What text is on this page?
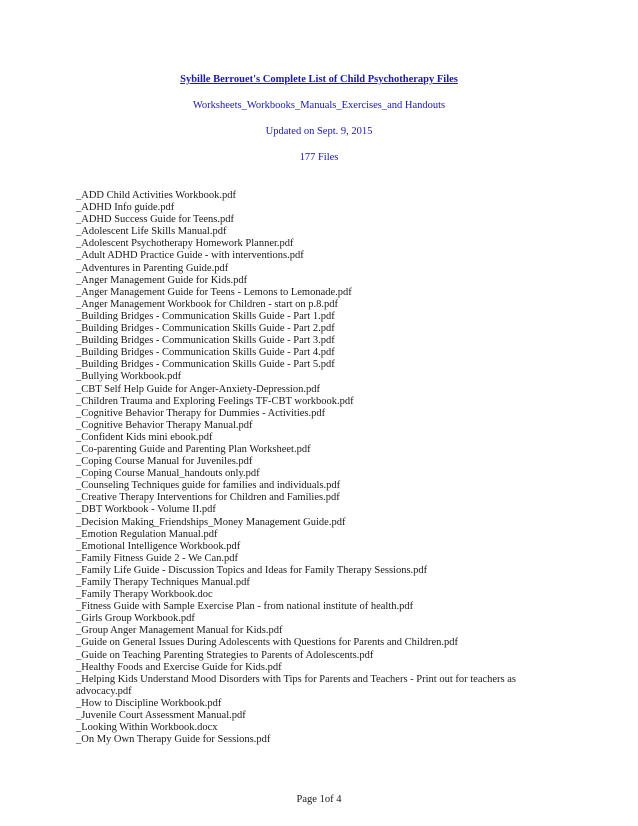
Sybille Berrouet's Complete List of Child Psychotherapy Files
Worksheets_Workbooks_Manuals_Exercises_and Handouts
Updated on Sept. 9, 2015
177 Files
_ADD Child Activities Workbook.pdf
_ADHD Info guide.pdf
_ADHD Success Guide for Teens.pdf
_Adolescent Life Skills Manual.pdf
_Adolescent Psychotherapy Homework Planner.pdf
_Adult ADHD Practice Guide - with interventions.pdf
_Adventures in Parenting Guide.pdf
_Anger Management Guide for Kids.pdf
_Anger Management Guide for Teens - Lemons to Lemonade.pdf
_Anger Management Workbook for Children - start on p.8.pdf
_Building Bridges - Communication Skills Guide - Part 1.pdf
_Building Bridges - Communication Skills Guide - Part 2.pdf
_Building Bridges - Communication Skills Guide - Part 3.pdf
_Building Bridges - Communication Skills Guide - Part 4.pdf
_Building Bridges - Communication Skills Guide - Part 5.pdf
_Bullying Workbook.pdf
_CBT Self Help Guide for Anger-Anxiety-Depression.pdf
_Children Trauma and Exploring Feelings TF-CBT workbook.pdf
_Cognitive Behavior Therapy for Dummies - Activities.pdf
_Cognitive Behavior Therapy Manual.pdf
_Confident Kids mini ebook.pdf
_Co-parenting Guide and Parenting Plan Worksheet.pdf
_Coping Course Manual for Juveniles.pdf
_Coping Course Manual_handouts only.pdf
_Counseling Techniques guide for families and individuals.pdf
_Creative Therapy Interventions for Children and Families.pdf
_DBT Workbook - Volume II.pdf
_Decision Making_Friendships_Money Management Guide.pdf
_Emotion Regulation Manual.pdf
_Emotional Intelligence Workbook.pdf
_Family Fitness Guide 2 - We Can.pdf
_Family Life Guide - Discussion Topics and Ideas for Family Therapy Sessions.pdf
_Family Therapy Techniques Manual.pdf
_Family Therapy Workbook.doc
_Fitness Guide with Sample Exercise Plan - from national institute of health.pdf
_Girls Group Workbook.pdf
_Group Anger Management Manual for Kids.pdf
_Guide on General Issues During Adolescents with Questions for Parents and Children.pdf
_Guide on Teaching Parenting Strategies to Parents of Adolescents.pdf
_Healthy Foods and Exercise Guide for Kids.pdf
_Helping Kids Understand Mood Disorders with Tips for Parents and Teachers - Print out for teachers as advocacy.pdf
_How to Discipline Workbook.pdf
_Juvenile Court Assessment Manual.pdf
_Looking Within Workbook.docx
_On My Own Therapy Guide for Sessions.pdf
Page 1of 4
